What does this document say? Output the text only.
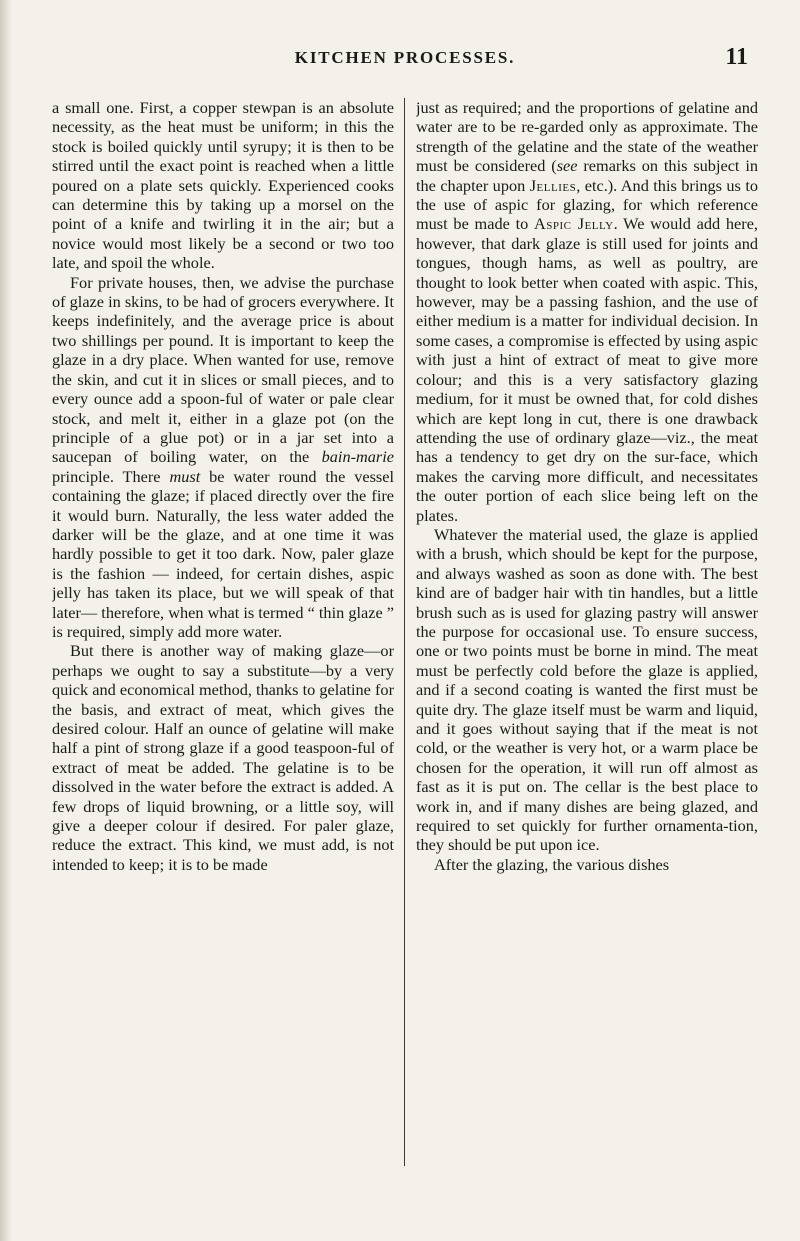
KITCHEN PROCESSES.	11

a small one. First, a copper stewpan is an absolute necessity, as the heat must be uniform; in this the stock is boiled quickly until syrupy; it is then to be stirred until the exact point is reached when a little poured on a plate sets quickly. Experienced cooks can determine this by taking up a morsel on the point of a knife and twirling it in the air; but a novice would most likely be a second or two too late, and spoil the whole.

For private houses, then, we advise the purchase of glaze in skins, to be had of grocers everywhere. It keeps indefinitely, and the average price is about two shillings per pound. It is important to keep the glaze in a dry place. When wanted for use, remove the skin, and cut it in slices or small pieces, and to every ounce add a spoon-ful of water or pale clear stock, and melt it, either in a glaze pot (on the principle of a glue pot) or in a jar set into a saucepan of boiling water, on the bain-marie principle. There must be water round the vessel containing the glaze; if placed directly over the fire it would burn. Naturally, the less water added the darker will be the glaze, and at one time it was hardly possible to get it too dark. Now, paler glaze is the fashion — indeed, for certain dishes, aspic jelly has taken its place, but we will speak of that later— therefore, when what is termed “ thin glaze ” is required, simply add more water.

But there is another way of making glaze—or perhaps we ought to say a substitute—by a very quick and economical method, thanks to gelatine for the basis, and extract of meat, which gives the desired colour. Half an ounce of gelatine will make half a pint of strong glaze if a good teaspoon-ful of extract of meat be added. The gelatine is to be dissolved in the water before the extract is added. A few drops of liquid browning, or a little soy, will give a deeper colour if desired. For paler glaze, reduce the extract. This kind, we must add, is not intended to keep; it is to be made

just as required; and the proportions of gelatine and water are to be re-garded only as approximate. The strength of the gelatine and the state of the weather must be considered (see remarks on this subject in the chapter upon Jellies, etc.). And this brings us to the use of aspic for glazing, for which reference must be made to Aspic Jelly. We would add here, however, that dark glaze is still used for joints and tongues, though hams, as well as poultry, are thought to look better when coated with aspic. This, however, may be a passing fashion, and the use of either medium is a matter for individual decision. In some cases, a compromise is effected by using aspic with just a hint of extract of meat to give more colour; and this is a very satisfactory glazing medium, for it must be owned that, for cold dishes which are kept long in cut, there is one drawback attending the use of ordinary glaze—viz., the meat has a tendency to get dry on the sur-face, which makes the carving more difficult, and necessitates the outer portion of each slice being left on the plates.

Whatever the material used, the glaze is applied with a brush, which should be kept for the purpose, and always washed as soon as done with. The best kind are of badger hair with tin handles, but a little brush such as is used for glazing pastry will answer the purpose for occasional use. To ensure success, one or two points must be borne in mind. The meat must be perfectly cold before the glaze is applied, and if a second coating is wanted the first must be quite dry. The glaze itself must be warm and liquid, and it goes without saying that if the meat is not cold, or the weather is very hot, or a warm place be chosen for the operation, it will run off almost as fast as it is put on. The cellar is the best place to work in, and if many dishes are being glazed, and required to set quickly for further ornamenta-tion, they should be put upon ice.

After the glazing, the various dishes
